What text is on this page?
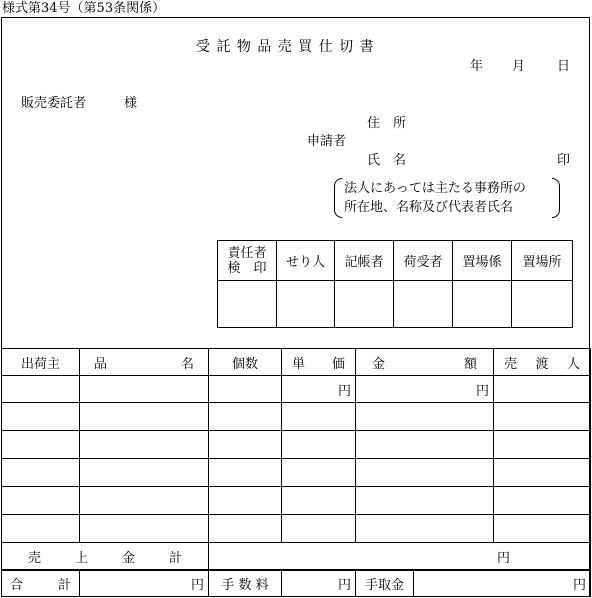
様式第34号（第53条関係）
受 託 物 品 売 買 仕 切 書
年 月 日
販売委託者	様
住　所
申請者
氏　名	印
法人にあっては主たる事務所の
所在地、名称及び代表者氏名
責任者
検　印	せり人	記帳者	荷受者	置場係	置場所

出荷主	品 名	個数	単 価	金 額	売 渡 人

			円	円	

売 上 金 計		円			
合	計	円	手 数 料	円	手取金	円
